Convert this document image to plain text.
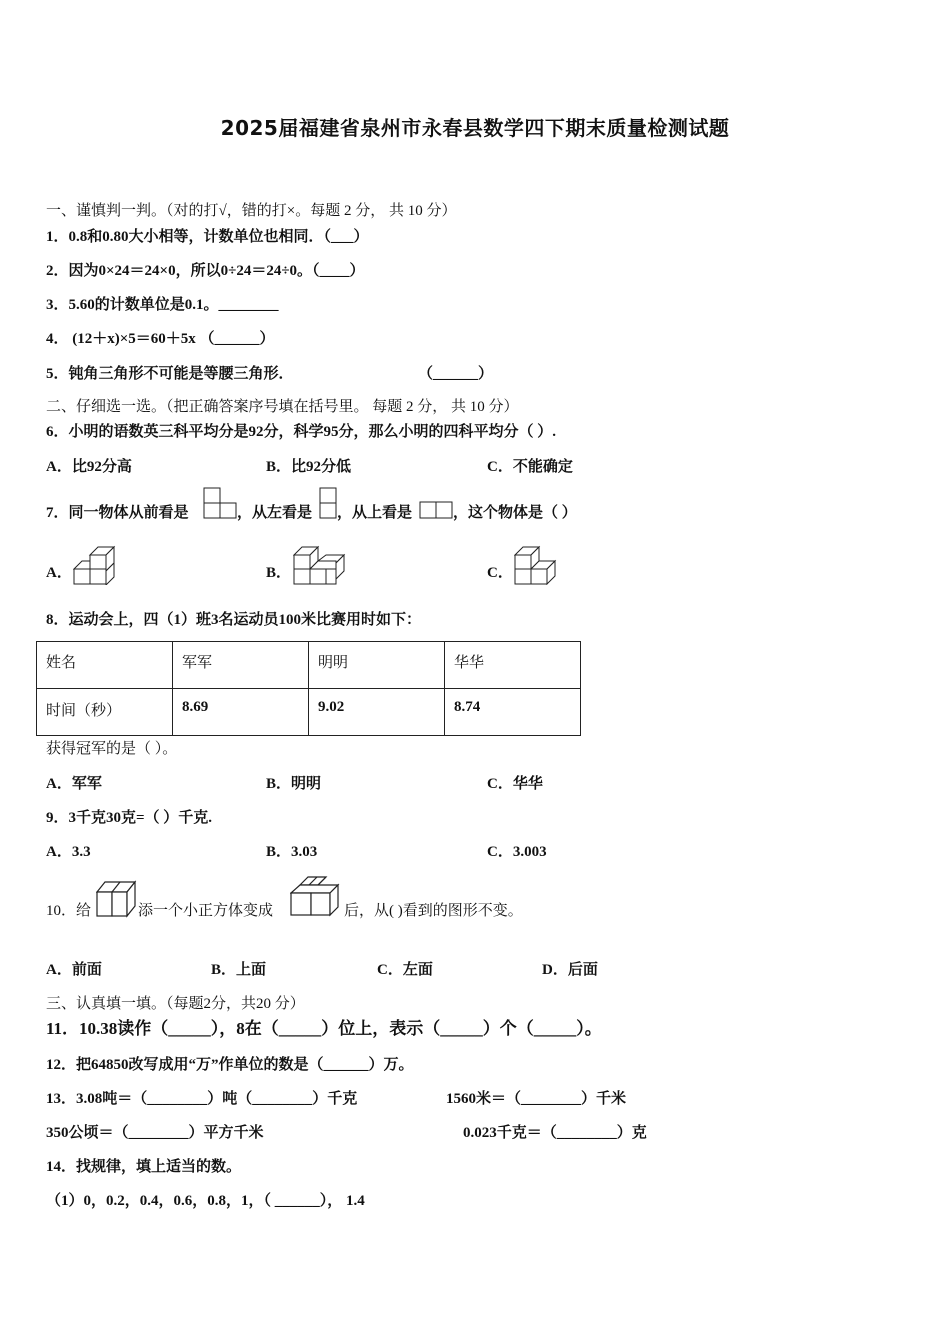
2025届福建省泉州市永春县数学四下期末质量检测试题
一、谨慎判一判。（对的打√，错的打×。每题 2 分， 共 10 分）
1．0.8和0.80大小相等，计数单位也相同．（___）
2．因为0×24＝24×0，所以0÷24＝24÷0。（____）
3．5.60的计数单位是0.1。________
4． (12＋x)×5＝60＋5x （______）
5．钝角三角形不可能是等腰三角形．	（______）
二、仔细选一选。（把正确答案序号填在括号里。 每题 2 分， 共 10 分）
6．小明的语数英三科平均分是92分，科学95分，那么小明的四科平均分（ ）.
A．比92分高	B．比92分低	C．不能确定
7．同一物体从前看是	，从左看是 ，从上看是	，这个物体是（ ）
A．	B．	C．
8．运动会上，四（1）班3名运动员100米比赛用时如下：
姓名	军军	明明	华华
时间（秒）	8.69	9.02	8.74
获得冠军的是（ ）。
A．军军	B．明明	C．华华
9．3千克30克=（ ）千克.
A．3.3	B．3.03	C．3.003
10．给	添一个小正方体变成	后，从( )看到的图形不变。
A．前面	B．上面	C．左面	D．后面
三、认真填一填。（每题2分，共20 分）
11．10.38读作（_____），8在（_____）位上，表示（_____）个（_____）。
12．把64850改写成用“万”作单位的数是（______）万。
13．3.08吨＝（________）吨（________）千克	1560米＝（________）千米
350公顷＝（________）平方千米	0.023千克＝（________）克
14．找规律，填上适当的数。
（1）0，0.2，0.4，0.6，0.8，1，（ ______）， 1.4
